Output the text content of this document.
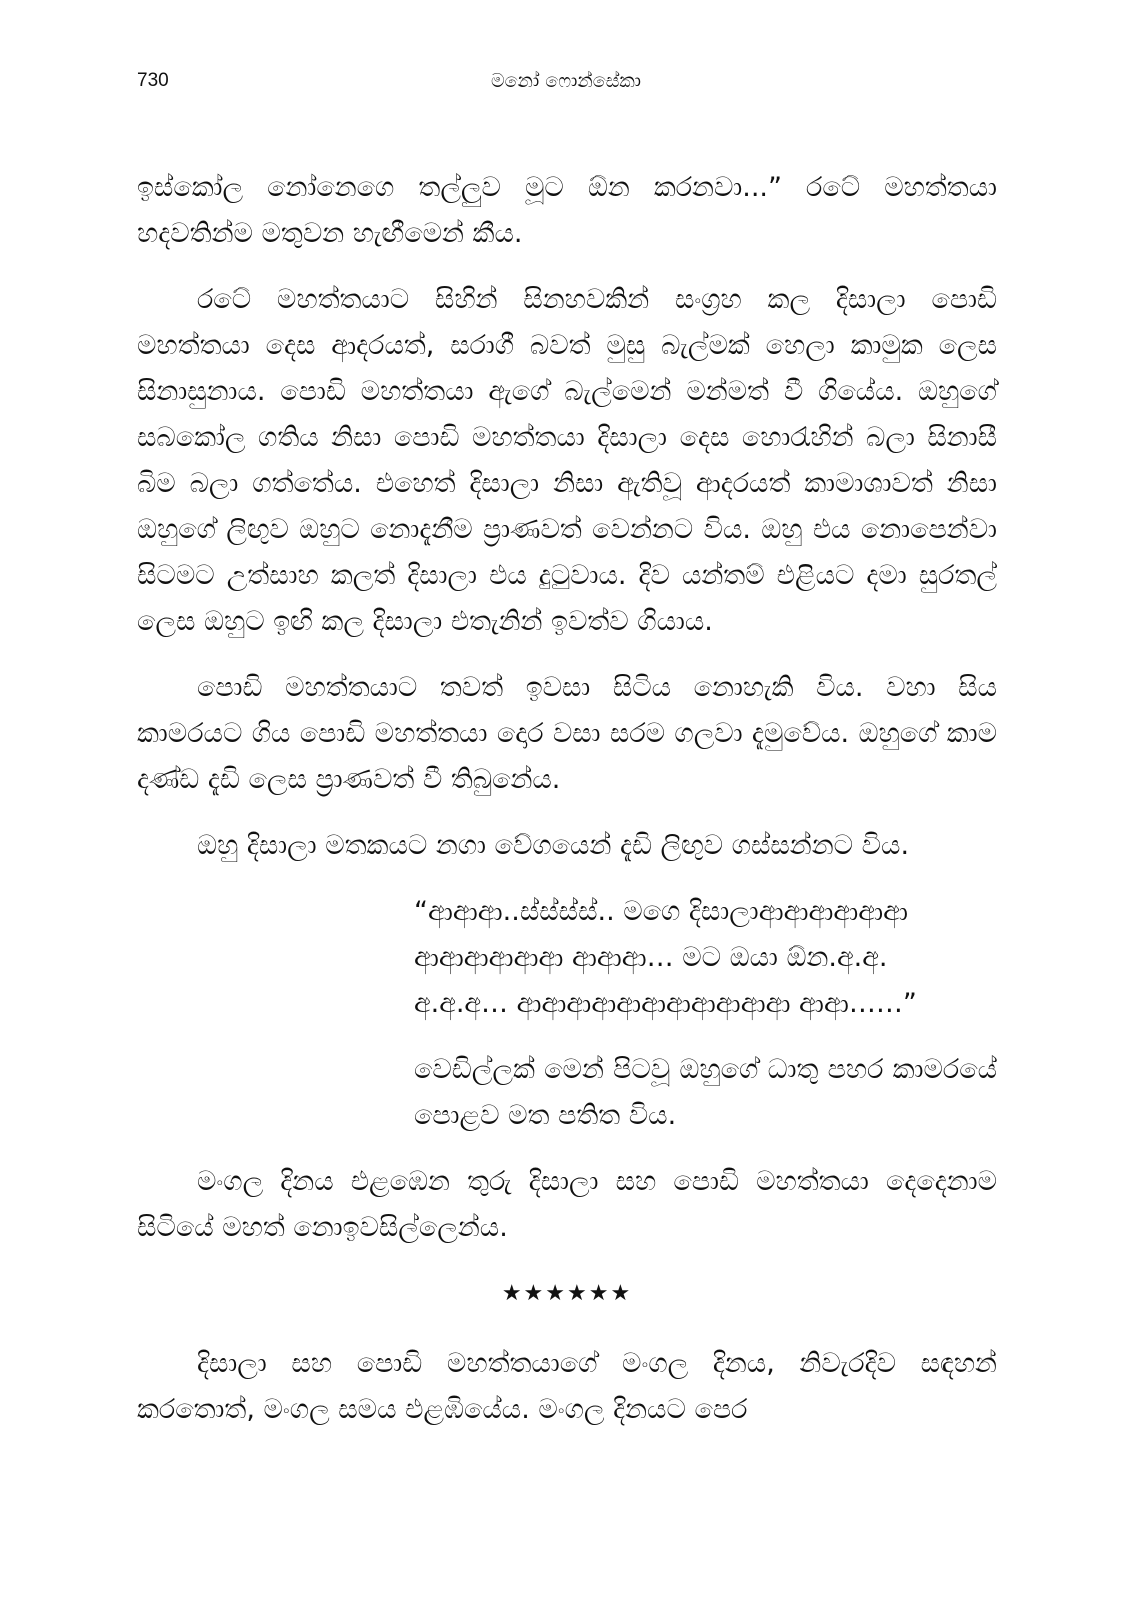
730	මනෝ ෆොන්සේකා

ඉස්කෝල නෝනෙගෙ තල්ලුව මූට ඕන කරනවා...” රටේ මහත්තයා හදවතින්ම මතුවන හැඟීමෙන් කීය.

රටේ මහත්තයාට සිහින් සිනහවකින් සංග්‍රහ කල දිසාලා පොඩි මහත්තයා දෙස ආදරයත්, සරාගී බවත් මුසු බැල්මක් හෙලා කාමුක ලෙස සිනාසුනාය. පොඩි මහත්තයා ඇගේ බැල්මෙන් මන්මත් වී ගියේය. ඔහුගේ සබකෝල ගතිය නිසා පොඩි මහත්තයා දිසාලා දෙස හොරැහින් බලා සිනාසී බිම බලා ගත්තේය. එහෙත් දිසාලා නිසා ඇතිවූ ආදරයත් කාමාශාවත් නිසා ඔහුගේ ලිඟුව ඔහුට නොදැනීම ප්‍රාණවත් වෙන්නට විය. ඔහු එය නොපෙන්වා සිටමට උත්සාහ කලත් දිසාලා එය දුටුවාය. දිව යන්තම් එළියට දමා සුරතල් ලෙස ඔහුට ඉඟි කල දිසාලා එතැනින් ඉවත්ව ගියාය.

පොඩි මහත්තයාට තවත් ඉවසා සිටිය නොහැකි විය. වහා සිය කාමරයට ගිය පොඩි මහත්තයා දොර වසා සරම ගලවා දැමුවේය. ඔහුගේ කාම දණ්ඩ දැඩි ලෙස ප්‍රාණවත් වී තිබුනේය.

ඔහු දිසාලා මතකයට නගා වේගයෙන් දැඩි ලිඟුව ගස්සන්නට විය.

“ආආආ..ස්ස්ස්ස්.. මගෙ දිසාලාආආආආආආ
ආආආආආආ ආආආ… මට ඔයා ඕන.අ.අ.
අ.අ.අ… ආආආආආආආආආආආ ආආ……”

වෙඩිල්ලක් මෙන් පිටවූ ඔහුගේ ධාතු පහර කාමරයේ පොළව මත පතිත විය.

මංගල දිනය එළඹෙන තුරු දිසාලා සහ පොඩි මහත්තයා දෙදෙනාම සිටියේ මහත් නොඉවසිල්ලෙන්ය.

★★★★★★

දිසාලා සහ පොඩි මහත්තයාගේ මංගල දිනය, නිවැරදිව සඳහන් කරතොත්, මංගල සමය එළඹියේය. මංගල දිනයට පෙර
